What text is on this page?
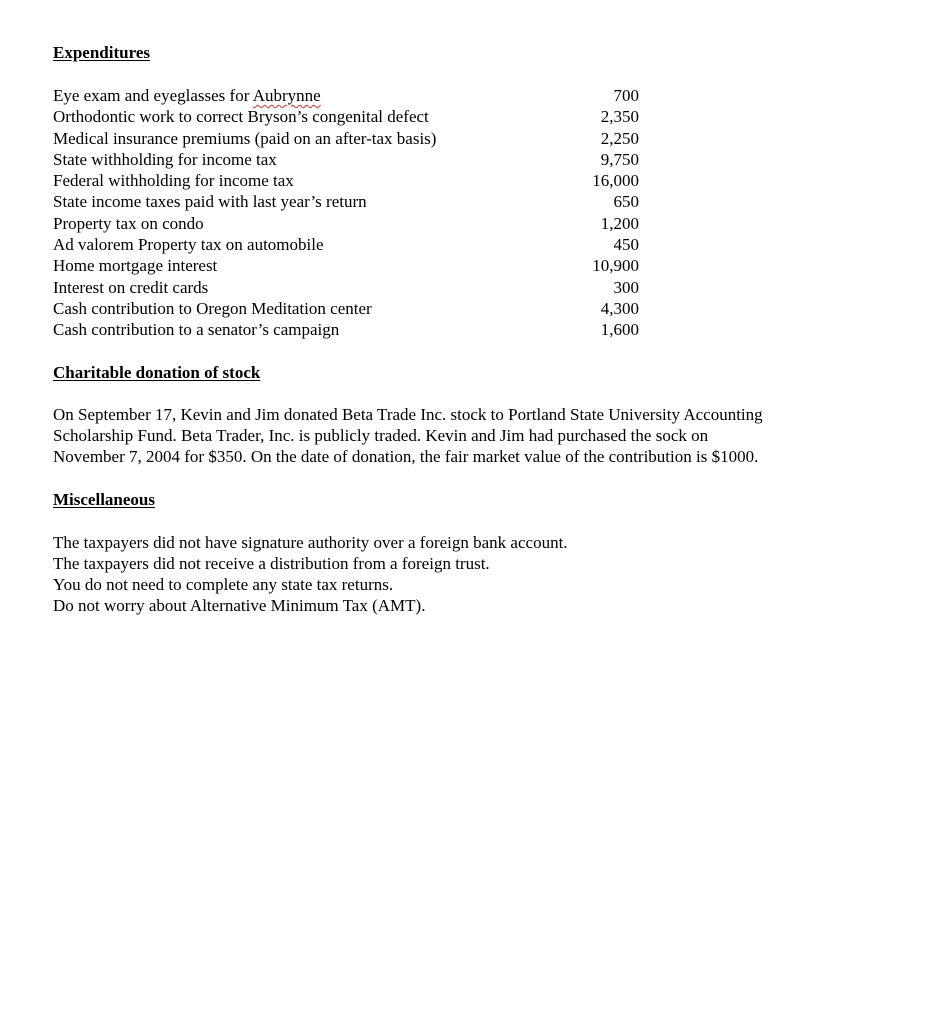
Expenditures
Eye exam and eyeglasses for Aubrynne	700
Orthodontic work to correct Bryson’s congenital defect	2,350
Medical insurance premiums (paid on an after-tax basis)	2,250
State withholding for income tax	9,750
Federal withholding for income tax	16,000
State income taxes paid with last year’s return	650
Property tax on condo	1,200
Ad valorem Property tax on automobile	450
Home mortgage interest	10,900
Interest on credit cards	300
Cash contribution to Oregon Meditation center	4,300
Cash contribution to a senator’s campaign	1,600
Charitable donation of stock
On September 17, Kevin and Jim donated Beta Trade Inc. stock to Portland State University Accounting
Scholarship Fund. Beta Trader, Inc. is publicly traded. Kevin and Jim had purchased the sock on
November 7, 2004 for $350. On the date of donation, the fair market value of the contribution is $1000.
Miscellaneous
The taxpayers did not have signature authority over a foreign bank account.
The taxpayers did not receive a distribution from a foreign trust.
You do not need to complete any state tax returns.
Do not worry about Alternative Minimum Tax (AMT).
